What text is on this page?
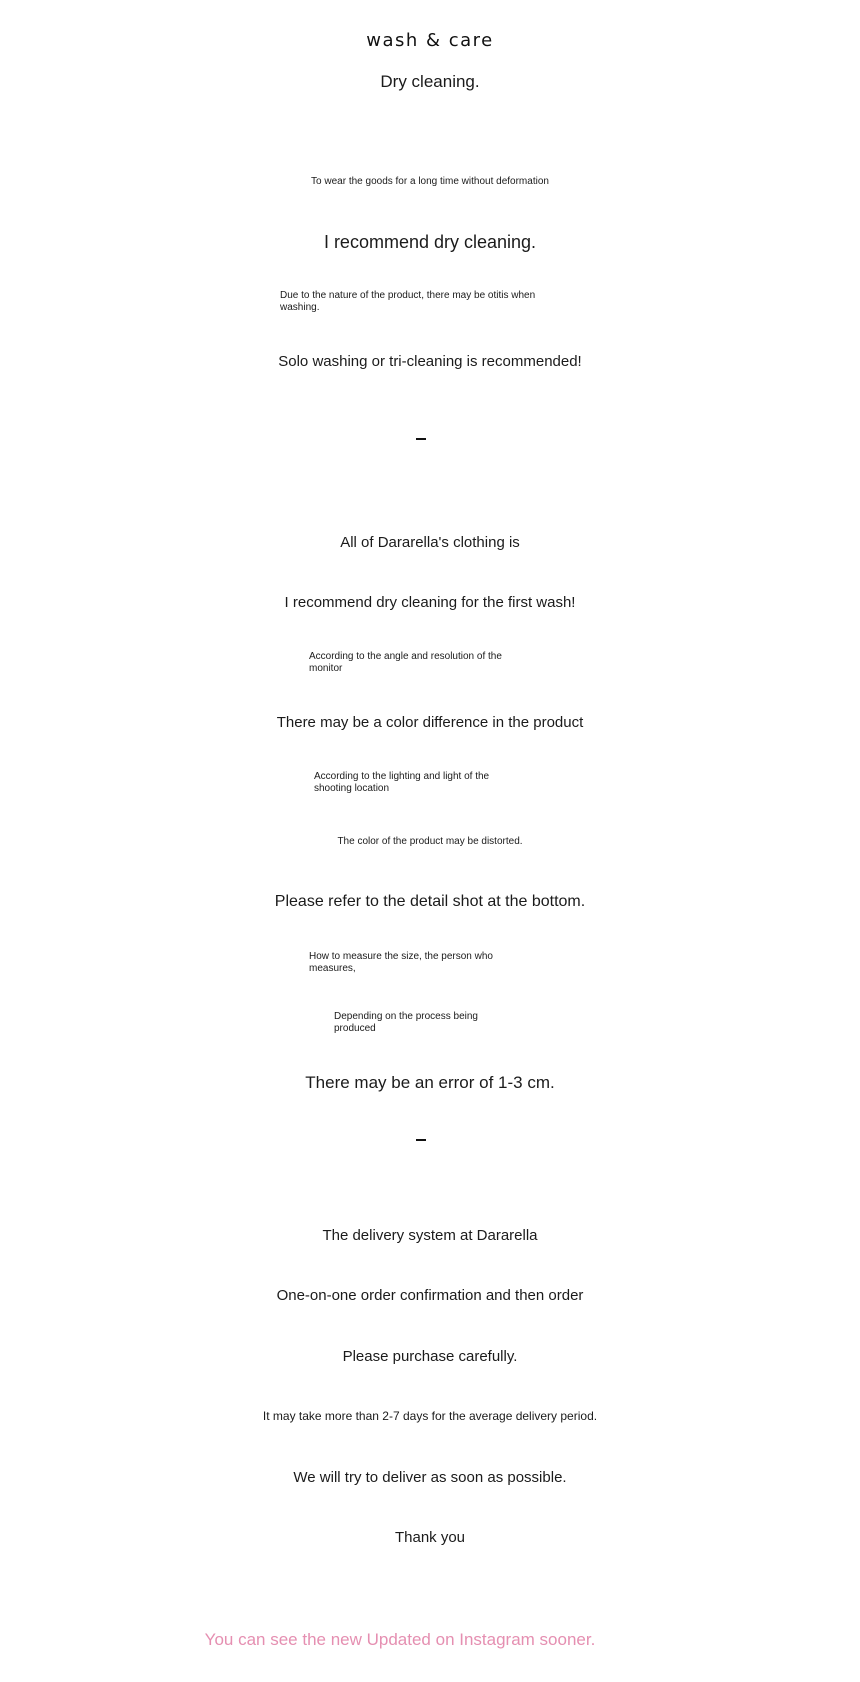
wash & care
Dry cleaning.
To wear the goods for a long time without deformation
I recommend dry cleaning.
Due to the nature of the product, there may be otitis when washing.
Solo washing or tri-cleaning is recommended!
All of Dararella's clothing is
I recommend dry cleaning for the first wash!
According to the angle and resolution of the monitor
There may be a color difference in the product
According to the lighting and light of the shooting location
The color of the product may be distorted.
Please refer to the detail shot at the bottom.
How to measure the size, the person who measures,
Depending on the process being produced
There may be an error of 1-3 cm.
The delivery system at Dararella
One-on-one order confirmation and then order
Please purchase carefully.
It may take more than 2-7 days for the average delivery period.
We will try to deliver as soon as possible.
Thank you
You can see the new Updated on Instagram sooner.
